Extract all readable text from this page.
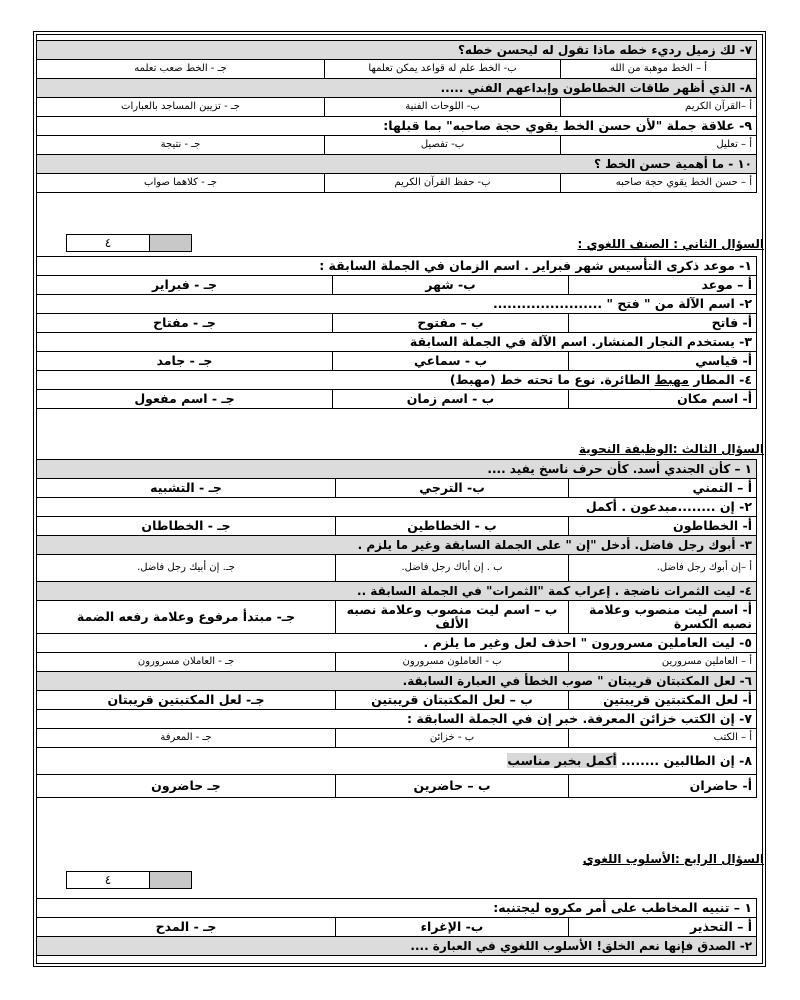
٧- لك زميل رديء خطه ماذا تقول له ليحسن خطه؟		
أ – الخط موهبة من الله	ب- الخط علم له قواعد يمكن تعلمها	جـ - الخط صعب تعلمه
٨- الذي أظهر طاقات الخطاطون وإبداعهم الفني .....		
أ –القرآن الكريم	ب- اللوحات الفنية	جـ - تزيين المساجد بالعبارات
٩- علاقة جملة "لأن حسن الخط يقوي حجة صاحبه" بما قبلها:		
أ – تعليل	ب- تفصيل	جـ - نتيجة
١٠ - ما أهمية حسن الخط ؟		
أ – حسن الخط يقوي حجة صاحبه	ب- حفظ القرآن الكريم	جـ - كلاهما صواب
	٤	السؤال الثاني : الصنف اللغوي :
١- موعد ذكرى التأسيس شهر فبراير . اسم الزمان في الجملة السابقة :		
أ – موعد	ب- شهر	جـ - فبراير
٢- اسم الآلة من " فتح " .......................		
أ- فاتح	ب – مفتوح	جـ - مفتاح
٣- يستخدم النجار المنشار. اسم الآلة في الجملة السابقة		
أ- قياسي	ب - سماعي	جـ - جامد
٤- المطار مهبط الطائرة. نوع ما تحته خط (مهبط)		
أ- اسم مكان	ب - اسم زمان	جـ - اسم مفعول
السؤال الثالث :الوظيفة النحوية
١ – كأن الجندي أسد. كأن حرف ناسخ يفيد ....		
أ – التمني	ب- الترجي	جـ - التشبيه
٢- إن ........مبدعون . أكمل		
أ- الخطاطون	ب - الخطاطين	جـ - الخطاطان
٣- أبوك رجل فاضل. أدخل "إن " على الجملة السابقة وغير ما يلزم .		
أ –إن أبوك رجل فاضل.	ب . إن أباك رجل فاضل.	جـ. إن أبيك رجل فاضل.
٤- ليت الثمرات ناضجة . إعراب كمة "الثمرات" في الجملة السابقة ..		
أ- اسم ليت منصوب وعلامة نصبه الكسرة	ب – اسم ليت منصوب وعلامة نصبه الألف	جـ- مبتدأ مرفوع وعلامة رفعه الضمة
٥- ليت العاملين مسرورون " احذف لعل وغير ما يلزم .		
أ – العاملين مسرورين	ب - العاملون مسرورون	جـ - العاملان مسرورون
٦- لعل المكتبتان قريبتان " صوب الخطأ في العبارة السابقة.		
أ- لعل المكتبتين قريبتين	ب – لعل المكتبتان قريبتين	جـ- لعل المكتبتين قريبتان
٧- إن الكتب خزائن المعرفة. خبر إن في الجملة السابقة :		
أ – الكتب	ب - خزائن	جـ - المعرفة
٨- إن الطالبين ........ أكمل بخبر مناسب		
أ- حاضران	ب – حاضرين	جـ حاضرون
السؤال الرابع :الأسلوب اللغوي
	٤
١ – تنبيه المخاطب على أمر مكروه ليجتنبه:
أ – التحذير	ب- الإغراء	جـ - المدح
٢- الصدق فإنها نعم الخلق! الأسلوب اللغوي في العبارة ....
